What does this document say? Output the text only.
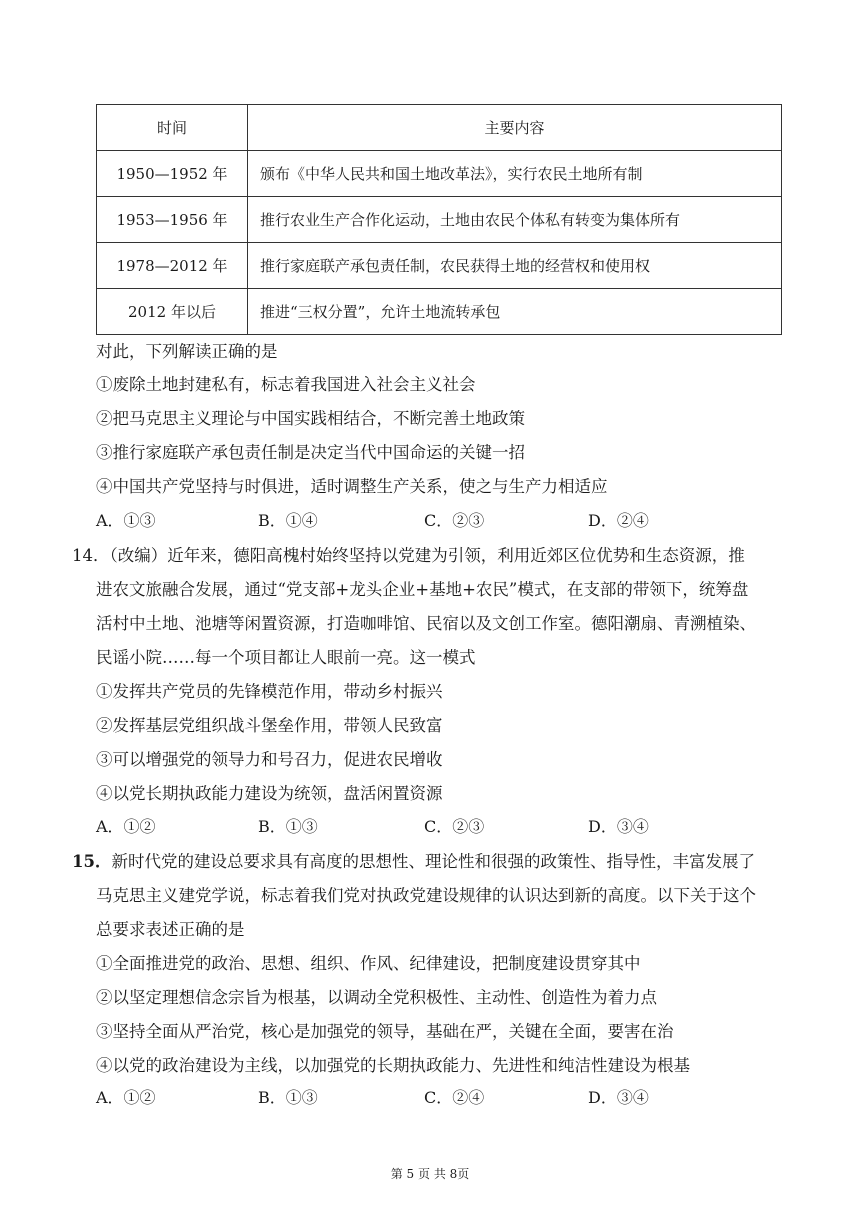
时间	主要内容
1950—1952 年	颁布《中华人民共和国土地改革法》，实行农民土地所有制
1953—1956 年	推行农业生产合作化运动，土地由农民个体私有转变为集体所有
1978—2012 年	推行家庭联产承包责任制，农民获得土地的经营权和使用权
2012 年以后	推进“三权分置”，允许土地流转承包
对此，下列解读正确的是
①废除土地封建私有，标志着我国进入社会主义社会
②把马克思主义理论与中国实践相结合，不断完善土地政策
③推行家庭联产承包责任制是决定当代中国命运的关键一招
④中国共产党坚持与时俱进，适时调整生产关系，使之与生产力相适应
A．①③	B．①④	C．②③	D．②④
14．（改编）近年来，德阳高槐村始终坚持以党建为引领，利用近郊区位优势和生态资源，推
进农文旅融合发展，通过“党支部+龙头企业+基地+农民”模式，在支部的带领下，统筹盘
活村中土地、池塘等闲置资源，打造咖啡馆、民宿以及文创工作室。德阳潮扇、青溯植染、
民谣小院……每一个项目都让人眼前一亮。这一模式
①发挥共产党员的先锋模范作用，带动乡村振兴
②发挥基层党组织战斗堡垒作用，带领人民致富
③可以增强党的领导力和号召力，促进农民增收
④以党长期执政能力建设为统领，盘活闲置资源
A．①②	B．①③	C．②③	D．③④
15．新时代党的建设总要求具有高度的思想性、理论性和很强的政策性、指导性，丰富发展了
马克思主义建党学说，标志着我们党对执政党建设规律的认识达到新的高度。以下关于这个
总要求表述正确的是
①全面推进党的政治、思想、组织、作风、纪律建设，把制度建设贯穿其中
②以坚定理想信念宗旨为根基，以调动全党积极性、主动性、创造性为着力点
③坚持全面从严治党，核心是加强党的领导，基础在严，关键在全面，要害在治
④以党的政治建设为主线，以加强党的长期执政能力、先进性和纯洁性建设为根基
A．①②	B．①③	C．②④	D．③④
第 5 页 共 8页
